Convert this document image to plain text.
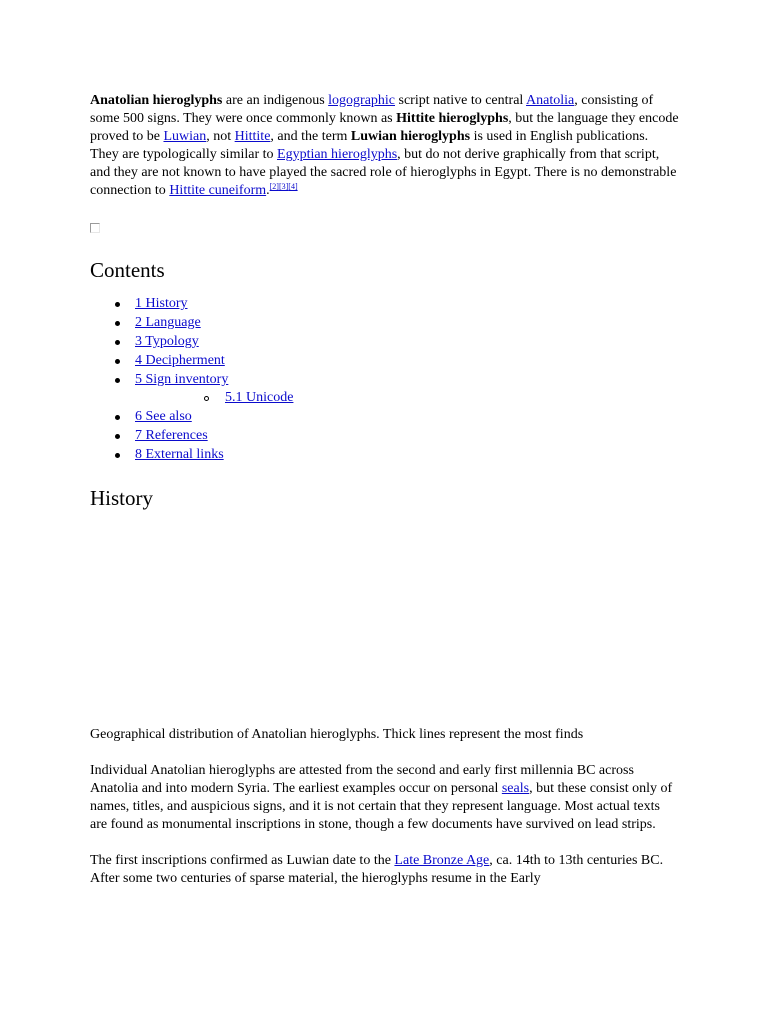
Anatolian hieroglyphs are an indigenous logographic script native to central Anatolia, consisting of some 500 signs. They were once commonly known as Hittite hieroglyphs, but the language they encode proved to be Luwian, not Hittite, and the term Luwian hieroglyphs is used in English publications. They are typologically similar to Egyptian hieroglyphs, but do not derive graphically from that script, and they are not known to have played the sacred role of hieroglyphs in Egypt. There is no demonstrable connection to Hittite cuneiform.[2][3][4]

Contents
1 History
2 Language
3 Typology
4 Decipherment
5 Sign inventory
5.1 Unicode
6 See also
7 References
8 External links
History

Geographical distribution of Anatolian hieroglyphs. Thick lines represent the most finds

Individual Anatolian hieroglyphs are attested from the second and early first millennia BC across Anatolia and into modern Syria. The earliest examples occur on personal seals, but these consist only of names, titles, and auspicious signs, and it is not certain that they represent language. Most actual texts are found as monumental inscriptions in stone, though a few documents have survived on lead strips.

The first inscriptions confirmed as Luwian date to the Late Bronze Age, ca. 14th to 13th centuries BC. After some two centuries of sparse material, the hieroglyphs resume in the Early
